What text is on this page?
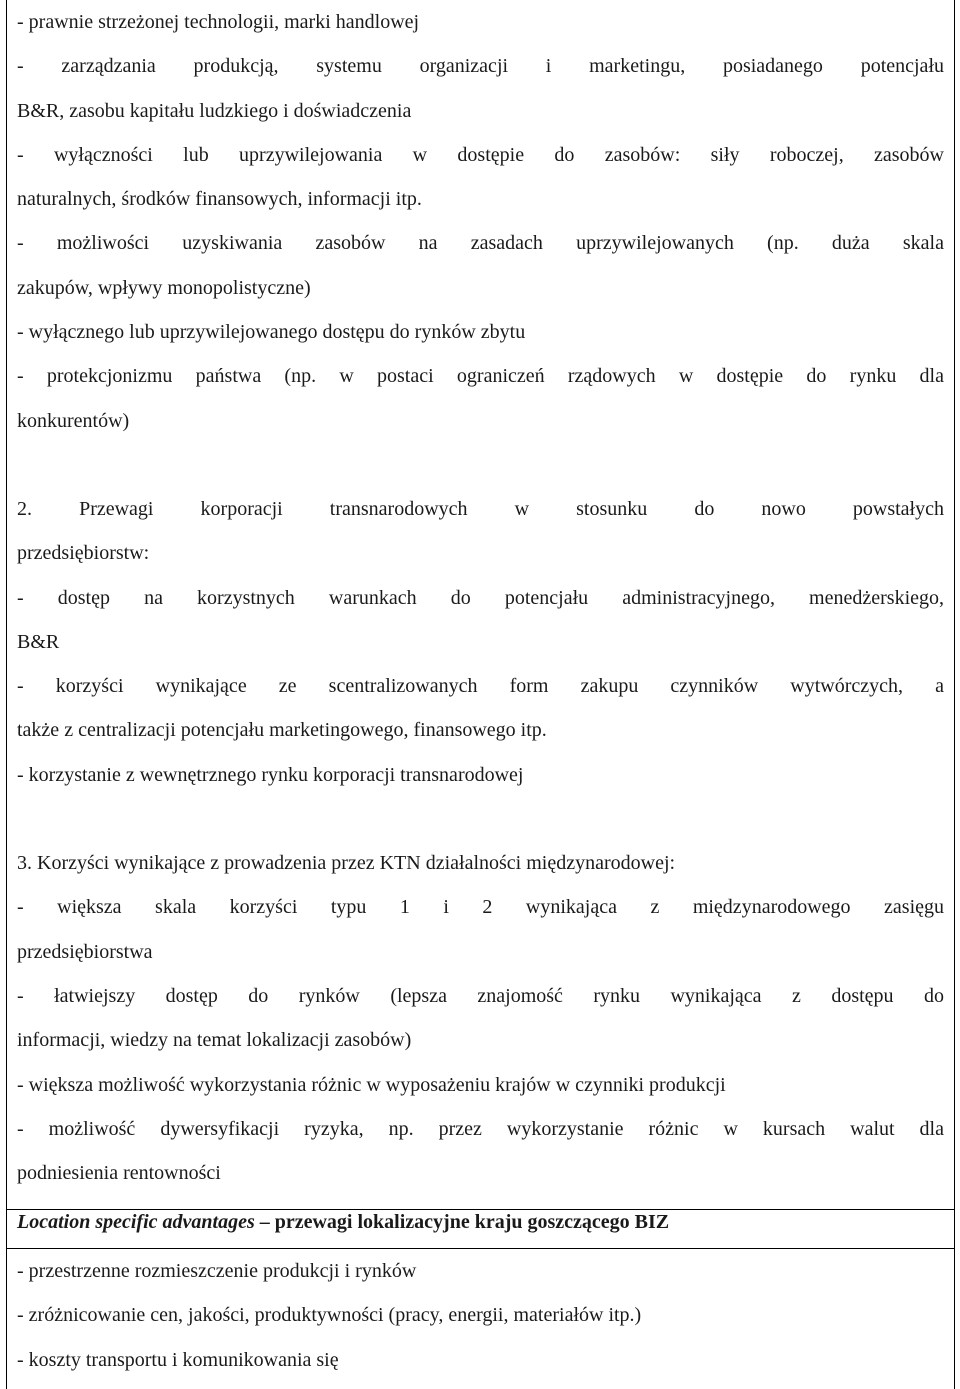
- prawnie strzeżonej technologii, marki handlowej

- zarządzania produkcją, systemu organizacji i marketingu, posiadanego potencjału

B&R, zasobu kapitału ludzkiego i doświadczenia

- wyłączności lub uprzywilejowania w dostępie do zasobów: siły roboczej, zasobów

naturalnych, środków finansowych, informacji itp.

- możliwości uzyskiwania zasobów na zasadach uprzywilejowanych (np. duża skala

zakupów, wpływy monopolistyczne)

- wyłącznego lub uprzywilejowanego dostępu do rynków zbytu

- protekcjonizmu państwa (np. w postaci ograniczeń rządowych w dostępie do rynku dla

konkurentów)

2. Przewagi korporacji transnarodowych w stosunku do nowo powstałych

przedsiębiorstw:

- dostęp na korzystnych warunkach do potencjału administracyjnego, menedżerskiego,

B&R

- korzyści wynikające ze scentralizowanych form zakupu czynników wytwórczych, a

także z centralizacji potencjału marketingowego, finansowego itp.

- korzystanie z wewnętrznego rynku korporacji transnarodowej

3. Korzyści wynikające z prowadzenia przez KTN działalności międzynarodowej:

- większa skala korzyści typu 1 i 2 wynikająca z międzynarodowego zasięgu

przedsiębiorstwa

- łatwiejszy dostęp do rynków (lepsza znajomość rynku wynikająca z dostępu do

informacji, wiedzy na temat lokalizacji zasobów)

- większa możliwość wykorzystania różnic w wyposażeniu krajów w czynniki produkcji

- możliwość dywersyfikacji ryzyka, np. przez wykorzystanie różnic w kursach walut dla

podniesienia rentowności

Location specific advantages – przewagi lokalizacyjne kraju goszczącego BIZ

- przestrzenne rozmieszczenie produkcji i rynków

- zróżnicowanie cen, jakości, produktywności (pracy, energii, materiałów itp.)

- koszty transportu i komunikowania się
